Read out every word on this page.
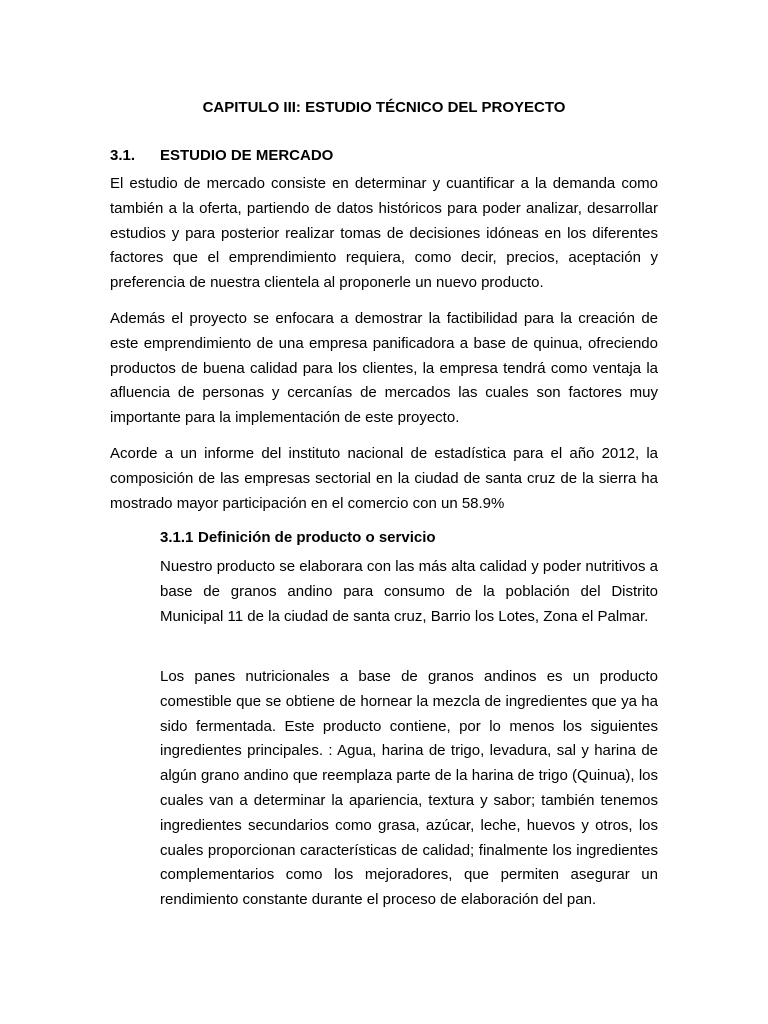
CAPITULO III: ESTUDIO TÉCNICO DEL PROYECTO
3.1. ESTUDIO DE MERCADO

El estudio de mercado consiste en determinar y cuantificar a la demanda como también a la oferta, partiendo de datos históricos para poder analizar, desarrollar estudios y para posterior realizar tomas de decisiones idóneas en los diferentes factores que el emprendimiento requiera, como decir, precios, aceptación y preferencia de nuestra clientela al proponerle un nuevo producto.

Además el proyecto se enfocara a demostrar la factibilidad para la creación de este emprendimiento de una empresa panificadora a base de quinua, ofreciendo productos de buena calidad para los clientes, la empresa tendrá como ventaja la afluencia de personas y cercanías de mercados las cuales son factores muy importante para la implementación de este proyecto.

Acorde a un informe del instituto nacional de estadística para el año 2012, la composición de las empresas sectorial en la ciudad de santa cruz de la sierra ha mostrado mayor participación en el comercio con un 58.9%

3.1.1 Definición de producto o servicio

Nuestro producto se elaborara con las más alta calidad y poder nutritivos a base de granos andino para consumo de la población del Distrito Municipal 11 de la ciudad de santa cruz, Barrio los Lotes, Zona el Palmar.

Los panes nutricionales a base de granos andinos es un producto comestible que se obtiene de hornear la mezcla de ingredientes que ya ha sido fermentada. Este producto contiene, por lo menos los siguientes ingredientes principales. : Agua, harina de trigo, levadura, sal y harina de algún grano andino que reemplaza parte de la harina de trigo (Quinua), los cuales van a determinar la apariencia, textura y sabor; también tenemos ingredientes secundarios como grasa, azúcar, leche, huevos y otros, los cuales proporcionan características de calidad; finalmente los ingredientes complementarios como los mejoradores, que permiten asegurar un rendimiento constante durante el proceso de elaboración del pan.
